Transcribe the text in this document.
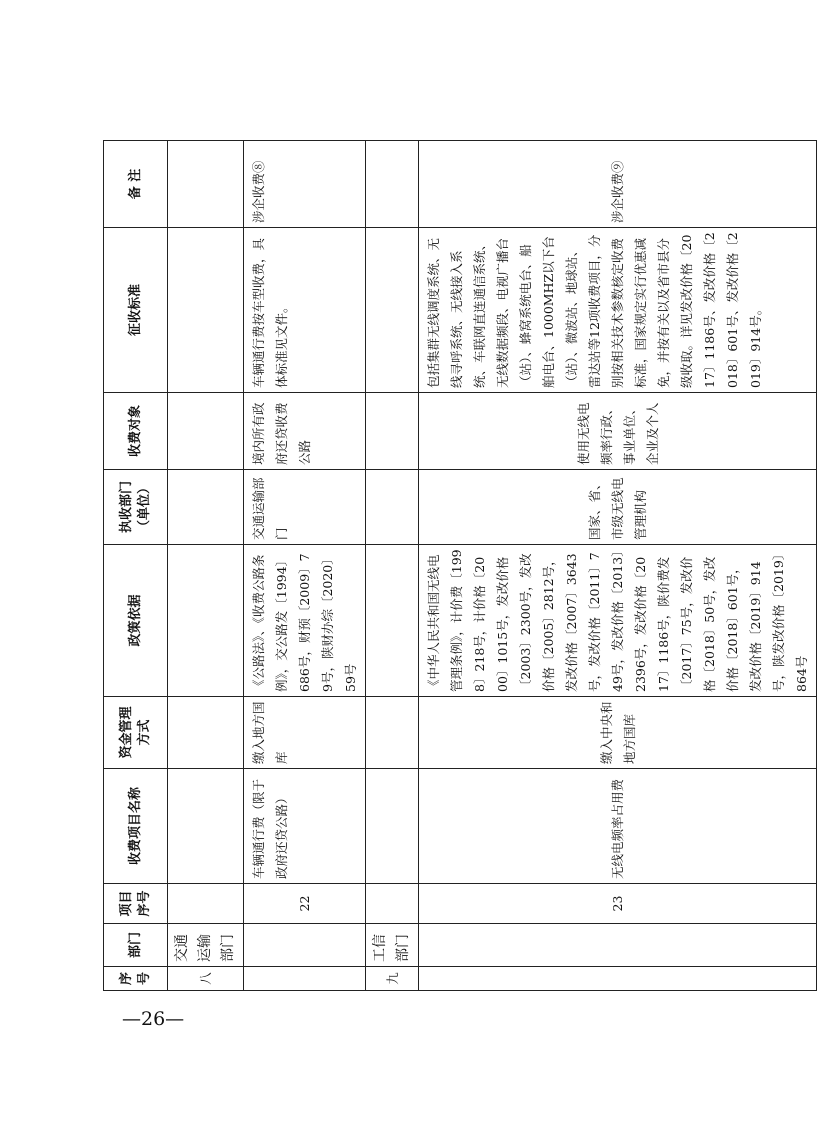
序号	部门	项目序号	收费项目名称	资金管理方式	政策依据	执收部门（单位）	收费对象	征收标准	备 注
八	交通运输部门								
		22	车辆通行费（限于政府还贷公路）	缴入地方国库	《公路法》、《收费公路条例》，交公路发〔1994〕686号，财预〔2009〕79号，陕财办综〔2020〕59号	交通运输部门	境内所有政府还贷收费公路	车辆通行费按车型收费，具体标准见文件。	涉企收费⑧
九	工信部门								
		23	无线电频率占用费	缴入中央和地方国库	《中华人民共和国无线电管理条例》，计价费〔1998〕218号，计价格〔2000〕1015号，发改价格〔2003〕2300号，发改价格〔2005〕2812号，发改价格〔2007〕3643号，发改价格〔2011〕749号，发改价格〔2013〕2396号，发改价格〔2017〕1186号，陕价费发〔2017〕75号，发改价格〔2018〕50号，发改价格〔2018〕601号，发改价格〔2019〕914号，陕发改价格〔2019〕864号	国家、省、市级无线电管理机构	使用无线电频率行政、事业单位、企业及个人	包括集群无线调度系统、无线寻呼系统、无线接入系统、车联网直连通信系统、无线数据频段、电视广播台（站）、蜂窝系统电台、船舶电台、1000MHZ以下台（站）、微波站、地球站、雷达站等12项收费项目，分别按相关技术参数核定收费标准，国家规定实行优惠减免，并按有关以及省市县分级收取。详见发改价格〔2017〕1186号、发改价格〔2018〕601号、发改价格〔2019〕914号。	涉企收费⑨
—26—
